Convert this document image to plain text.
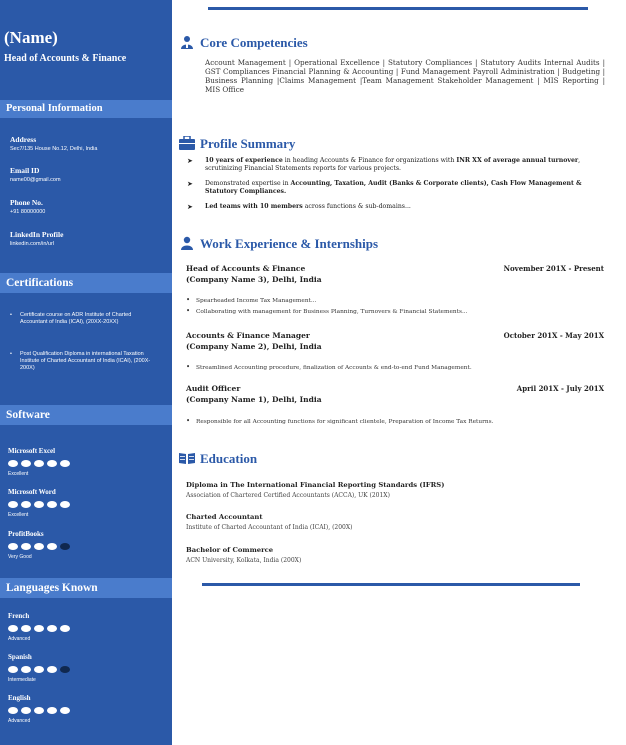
(Name)
Head of Accounts & Finance
Personal Information
Address
Sec7/135 House No.12, Delhi, India
Email ID
name00@gmail.com
Phone No.
+91 80000000
LinkedIn Profile
linkedin.com/in/url
Certifications
• Certificate course on ADR Institute of Charted Accountant of India (ICAI), (20XX-20XX)
• Post Qualification Diploma in international Taxation Institute of Charted Accountant of India (ICAI), (200X-200X)
Software
Microsoft Excel
Excellent
Microsoft Word
Excellent
ProfitBooks
Very Good
Languages Known
French
Advanced
Spanish
Intermediate
English
Advanced
Core Competencies
Account Management | Operational Excellence | Statutory Compliances | Statutory Audits Internal Audits | GST Compliances Financial Planning & Accounting | Fund Management Payroll Administration | Budgeting | Business Planning |Claims Management |Team Management Stakeholder Management | MIS Reporting | MIS Office
Profile Summary
➤ 10 years of experience in heading Accounts & Finance for organizations with INR XX of average annual turnover, scrutinizing Financial Statements reports for various projects.
➤ Demonstrated expertise in Accounting, Taxation, Audit (Banks & Corporate clients), Cash Flow Management & Statutory Compliances.
➤ Led teams with 10 members across functions & sub-domains...
Work Experience & Internships
Head of Accounts & Finance	November 201X - Present
(Company Name 3), Delhi, India
• Spearheaded Income Tax Management...
• Collaborating with management for Business Planning, Turnovers & Financial Statements...
Accounts & Finance Manager	October 201X - May 201X
(Company Name 2), Delhi, India
• Streamlined Accounting procedure, finalization of Accounts & end-to-end Fund Management.
Audit Officer	April 201X - July 201X
(Company Name 1), Delhi, India
• Responsible for all Accounting functions for significant clientele, Preparation of Income Tax Returns.
Education
Diploma in The International Financial Reporting Standards (IFRS)
Association of Chartered Certified Accountants (ACCA), UK (201X)
Charted Accountant
Institute of Charted Accountant of India (ICAI), (200X)
Bachelor of Commerce
ACN University, Kolkata, India (200X)
